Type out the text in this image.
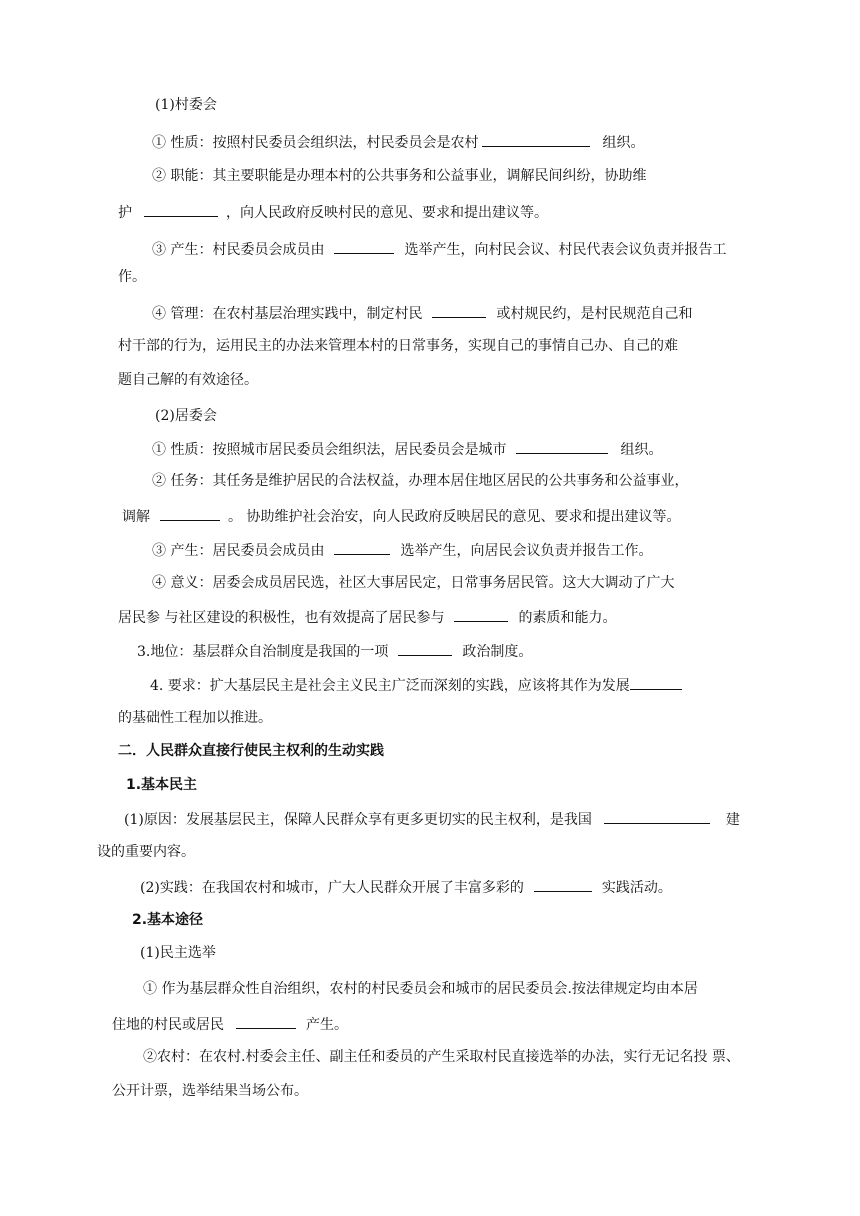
(1)村委会
① 性质：按照村民委员会组织法，村民委员会是农村	组织。
② 职能：其主要职能是办理本村的公共事务和公益事业，调解民间纠纷，协助维
护	，向人民政府反映村民的意见、要求和提出建议等。
③ 产生：村民委员会成员由	选举产生，向村民会议、村民代表会议负责并报告工
作。
④ 管理：在农村基层治理实践中，制定村民	或村规民约，是村民规范自己和
村干部的行为，运用民主的办法来管理本村的日常事务，实现自己的事情自己办、自己的难
题自己解的有效途径。
(2)居委会
① 性质：按照城市居民委员会组织法，居民委员会是城市	组织。
② 任务：其任务是维护居民的合法权益，办理本居住地区居民的公共事务和公益事业，
调解	。 协助维护社会治安，向人民政府反映居民的意见、要求和提出建议等。
③ 产生：居民委员会成员由	选举产生，向居民会议负责并报告工作。
④ 意义：居委会成员居民选，社区大事居民定，日常事务居民管。这大大调动了广大
居民参 与社区建设的积极性，也有效提高了居民参与	的素质和能力。
3.地位：基层群众自治制度是我国的一项	政治制度。
4. 要求：扩大基层民主是社会主义民主广泛而深刻的实践，应该将其作为发展
的基础性工程加以推进。
二．人民群众直接行使民主权利的生动实践
1.基本民主
(1)原因：发展基层民主，保障人民群众享有更多更切实的民主权利，是我国	建
设的重要内容。
(2)实践：在我国农村和城市，广大人民群众开展了丰富多彩的	实践活动。
2.基本途径
(1)民主选举
① 作为基层群众性自治组织，农村的村民委员会和城市的居民委员会.按法律规定均由本居
住地的村民或居民	产生。
②农村：在农村.村委会主任、副主任和委员的产生采取村民直接选举的办法，实行无记名投 票、
公开计票，选举结果当场公布。
